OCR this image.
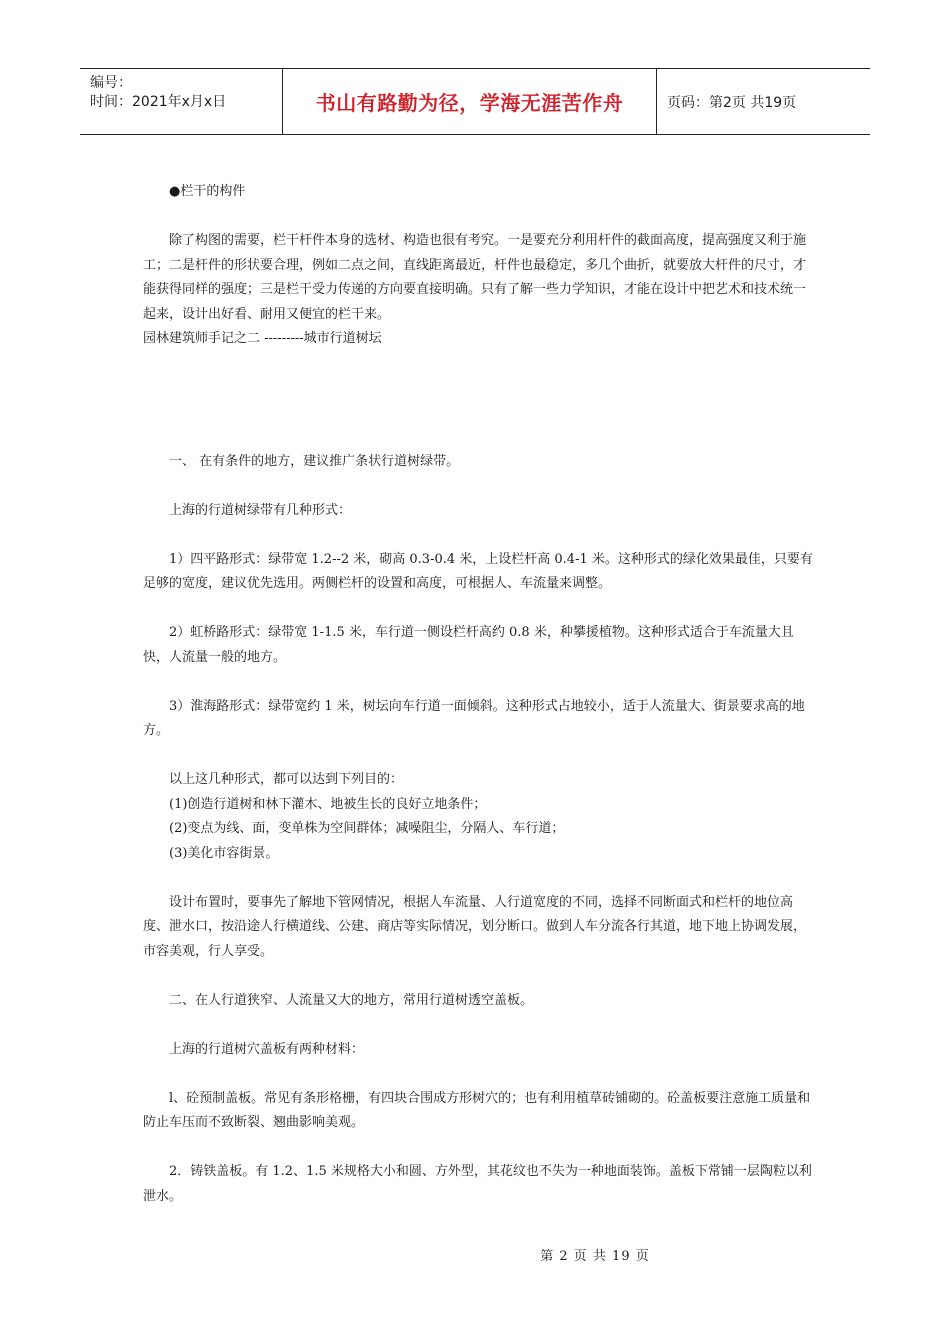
编号：
时间：2021年x月x日	书山有路勤为径，学海无涯苦作舟	页码：第2页 共19页

●栏干的构件

除了构图的需要，栏干杆件本身的选材、构造也很有考究。一是要充分利用杆件的截面高度，提高强度又利于施工；二是杆件的形状要合理，例如二点之间，直线距离最近，杆件也最稳定，多几个曲折，就要放大杆件的尺寸，才能获得同样的强度；三是栏干受力传递的方向要直接明确。只有了解一些力学知识，才能在设计中把艺术和技术统一起来，设计出好看、耐用又便宜的栏干来。

园林建筑师手记之二 ---------城市行道树坛

一、 在有条件的地方，建议推广条状行道树绿带。

上海的行道树绿带有几种形式：

1）四平路形式：绿带宽 1.2--2 米，砌高 0.3-0.4 米，上设栏杆高 0.4-1 米。这种形式的绿化效果最佳，只要有足够的宽度，建议优先选用。两侧栏杆的设置和高度，可根据人、车流量来调整。

2）虹桥路形式：绿带宽 1-1.5 米，车行道一侧设栏杆高约 0.8 米，种攀援植物。这种形式适合于车流量大且快，人流量一般的地方。

3）淮海路形式：绿带宽约 1 米，树坛向车行道一面倾斜。这种形式占地较小，适于人流量大、街景要求高的地方。

以上这几种形式，都可以达到下列目的：

(1)创造行道树和林下灌木、地被生长的良好立地条件；

(2)变点为线、面，变单株为空间群体；减噪阻尘，分隔人、车行道；

(3)美化市容街景。

设计布置时，要事先了解地下管网情况，根据人车流量、人行道宽度的不同，选择不同断面式和栏杆的地位高度、泄水口，按沿途人行横道线、公建、商店等实际情况，划分断口。做到人车分流各行其道，地下地上协调发展，市容美观，行人享受。

二、在人行道狭窄、人流量又大的地方，常用行道树透空盖板。

上海的行道树穴盖板有两种材料：

l、砼预制盖板。常见有条形格栅，有四块合围成方形树穴的；也有利用植草砖铺砌的。砼盖板要注意施工质量和防止车压而不致断裂、翘曲影响美观。

2．铸铁盖板。有 1.2、1.5 米规格大小和圆、方外型，其花纹也不失为一种地面装饰。盖板下常铺一层陶粒以利泄水。

第 2 页 共 19 页
